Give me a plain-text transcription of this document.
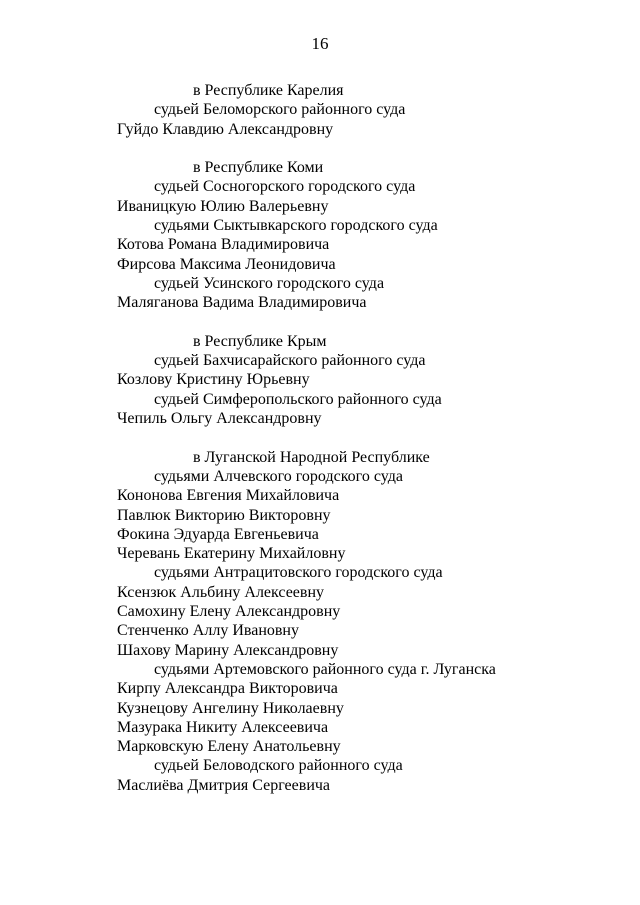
16
в Республике Карелия
судьей Беломорского районного суда
Гуйдо Клавдию Александровну
в Республике Коми
судьей Сосногорского городского суда
Иваницкую Юлию Валерьевну
судьями Сыктывкарского городского суда
Котова Романа Владимировича
Фирсова Максима Леонидовича
судьей Усинского городского суда
Маляганова Вадима Владимировича
в Республике Крым
судьей Бахчисарайского районного суда
Козлову Кристину Юрьевну
судьей Симферопольского районного суда
Чепиль Ольгу Александровну
в Луганской Народной Республике
судьями Алчевского городского суда
Кононова Евгения Михайловича
Павлюк Викторию Викторовну
Фокина Эдуарда Евгеньевича
Черевань Екатерину Михайловну
судьями Антрацитовского городского суда
Ксензюк Альбину Алексеевну
Самохину Елену Александровну
Стенченко Аллу Ивановну
Шахову Марину Александровну
судьями Артемовского районного суда г. Луганска
Кирпу Александра Викторовича
Кузнецову Ангелину Николаевну
Мазурака Никиту Алексеевича
Марковскую Елену Анатольевну
судьей Беловодского районного суда
Маслиёва Дмитрия Сергеевича
